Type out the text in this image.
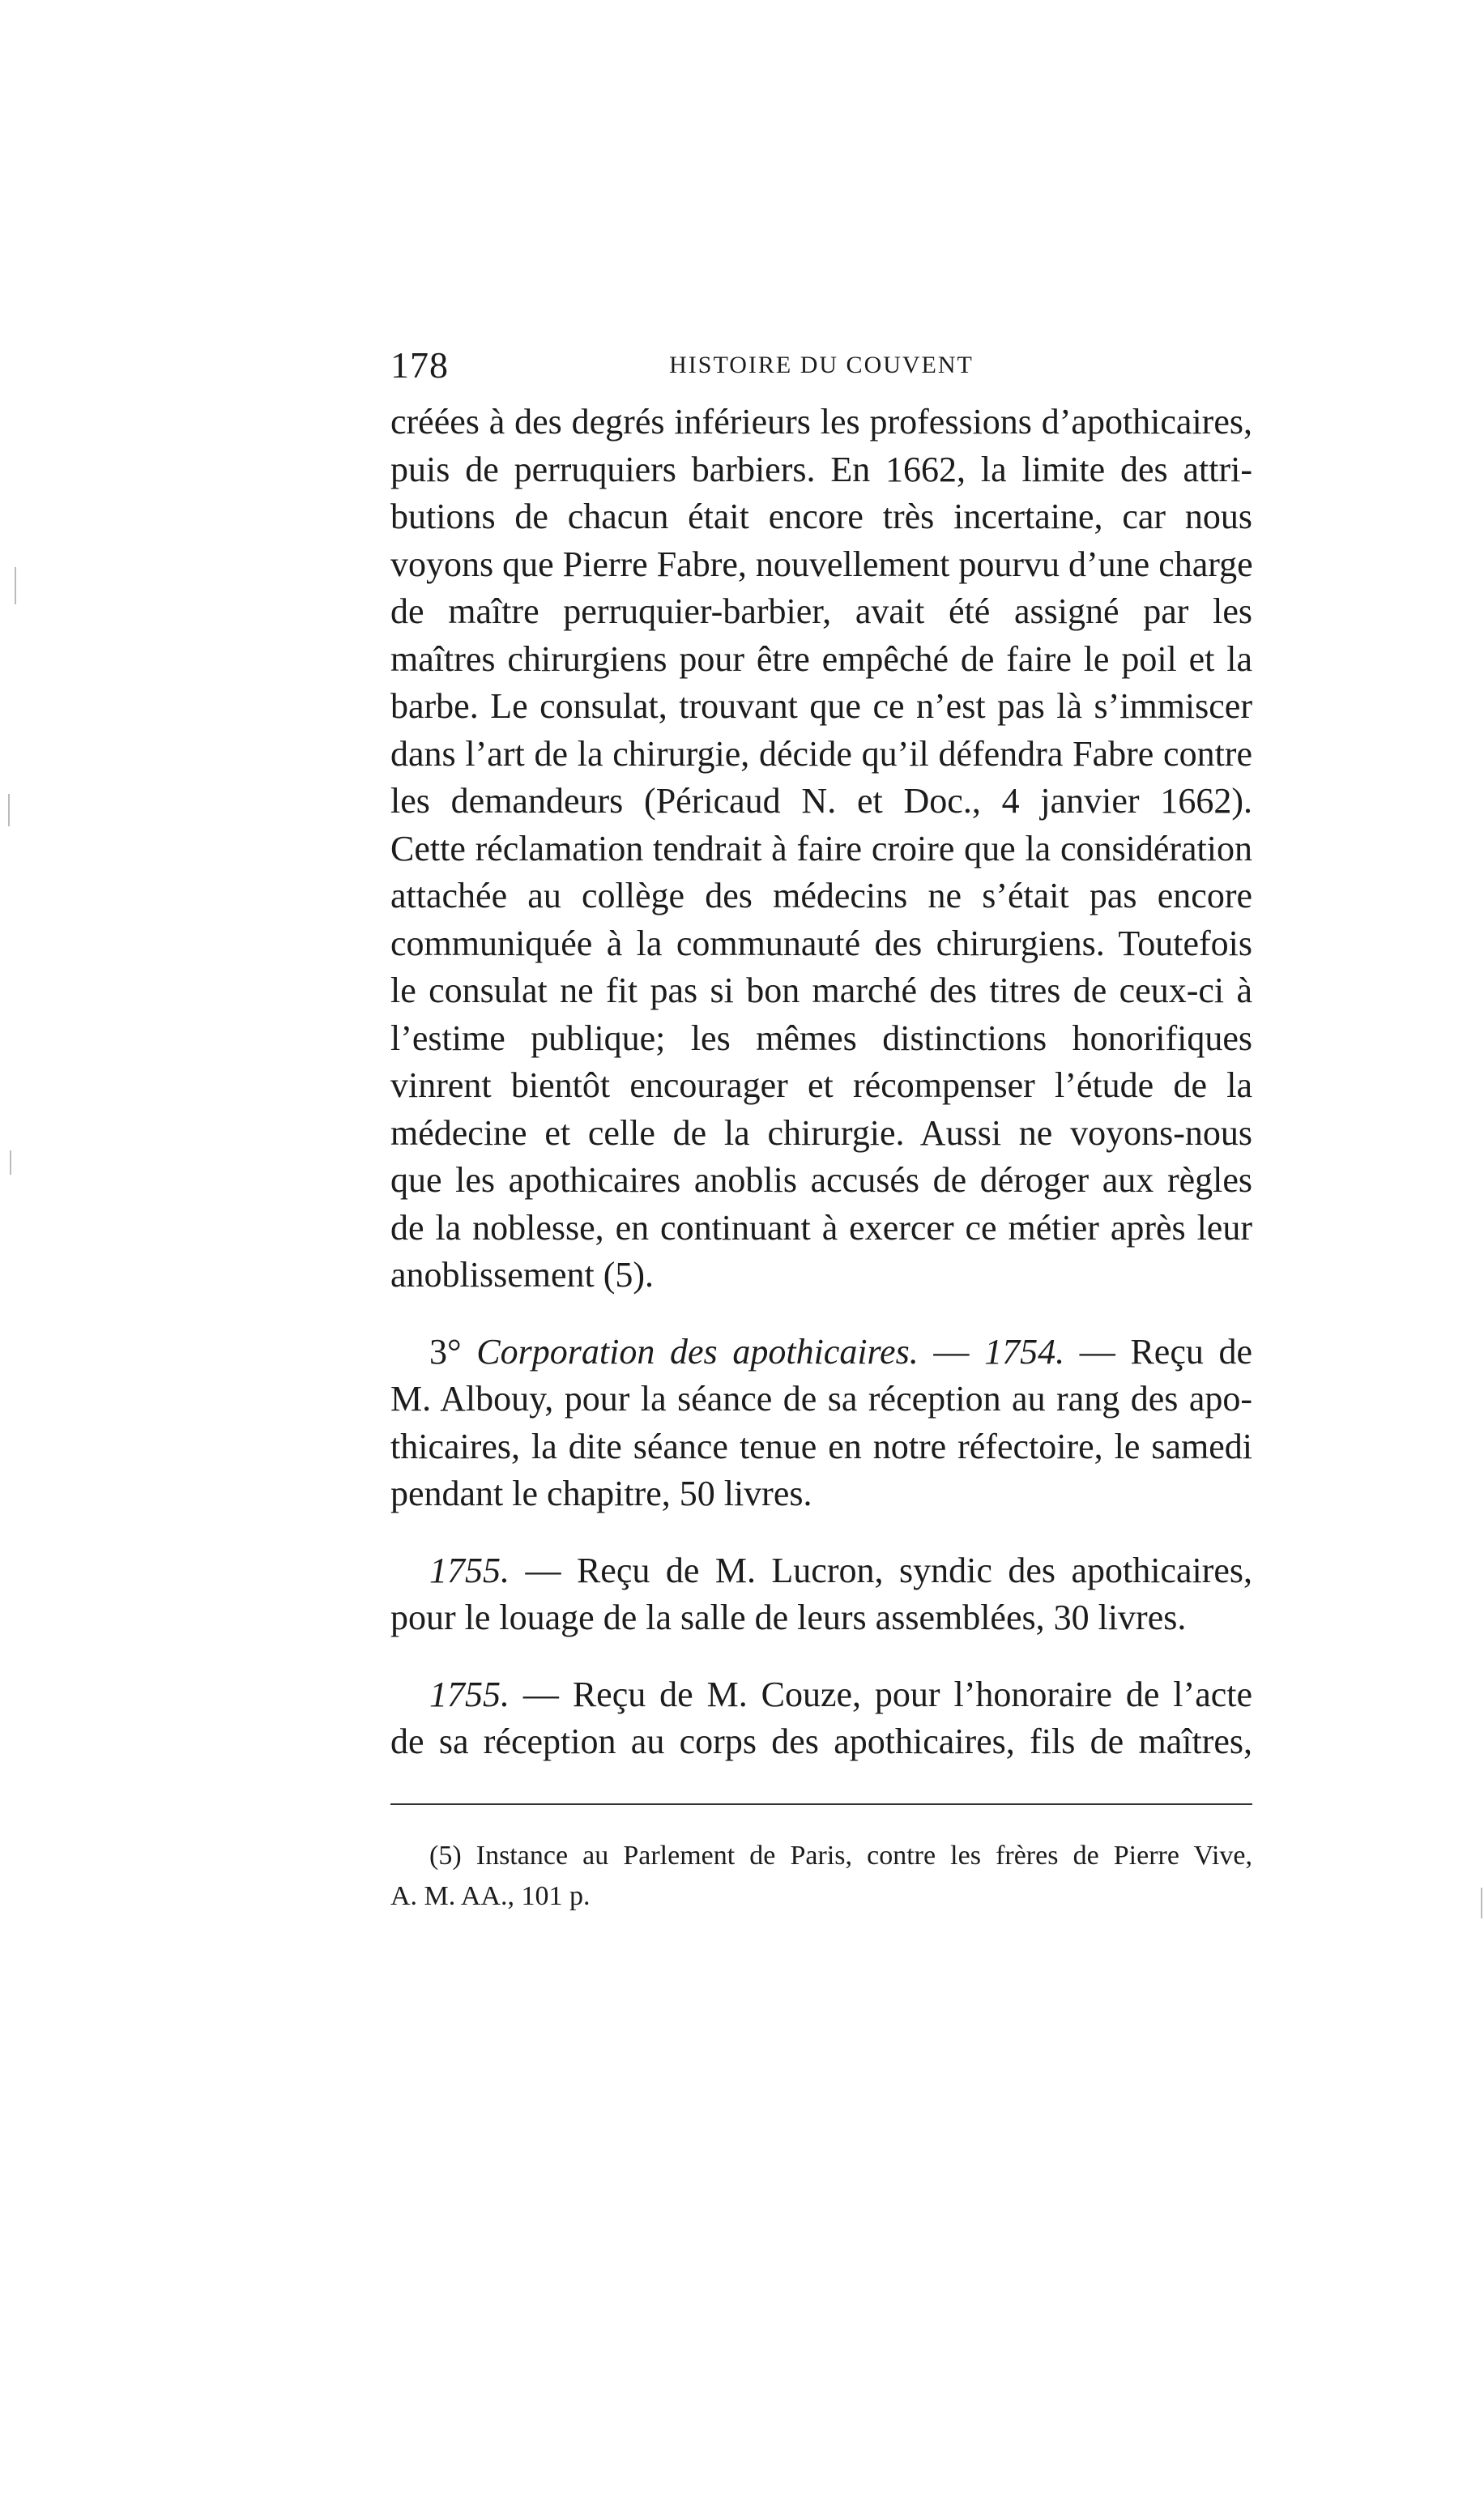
178	HISTOIRE DU COUVENT
créées à des degrés inférieurs les professions d’apothicaires,
puis de perruquiers barbiers. En 1662, la limite des attri-
butions de chacun était encore très incertaine, car nous
voyons que Pierre Fabre, nouvellement pourvu d’une charge
de maître perruquier-barbier, avait été assigné par les
maîtres chirurgiens pour être empêché de faire le poil et la
barbe. Le consulat, trouvant que ce n’est pas là s’immiscer
dans l’art de la chirurgie, décide qu’il défendra Fabre contre
les demandeurs (Péricaud N. et Doc., 4 janvier 1662).
Cette réclamation tendrait à faire croire que la considération
attachée au collège des médecins ne s’était pas encore
communiquée à la communauté des chirurgiens. Toutefois
le consulat ne fit pas si bon marché des titres de ceux-ci à
l’estime publique; les mêmes distinctions honorifiques
vinrent bientôt encourager et récompenser l’étude de la
médecine et celle de la chirurgie. Aussi ne voyons-nous
que les apothicaires anoblis accusés de déroger aux règles
de la noblesse, en continuant à exercer ce métier après leur
anoblissement (5).
3° Corporation des apothicaires. — 1754. — Reçu de
M. Albouy, pour la séance de sa réception au rang des apo-
thicaires, la dite séance tenue en notre réfectoire, le samedi
pendant le chapitre, 50 livres.
1755. — Reçu de M. Lucron, syndic des apothicaires,
pour le louage de la salle de leurs assemblées, 30 livres.
1755. — Reçu de M. Couze, pour l’honoraire de l’acte
de sa réception au corps des apothicaires, fils de maîtres,
(5) Instance au Parlement de Paris, contre les frères de Pierre Vive,
A. M. AA., 101 p.
